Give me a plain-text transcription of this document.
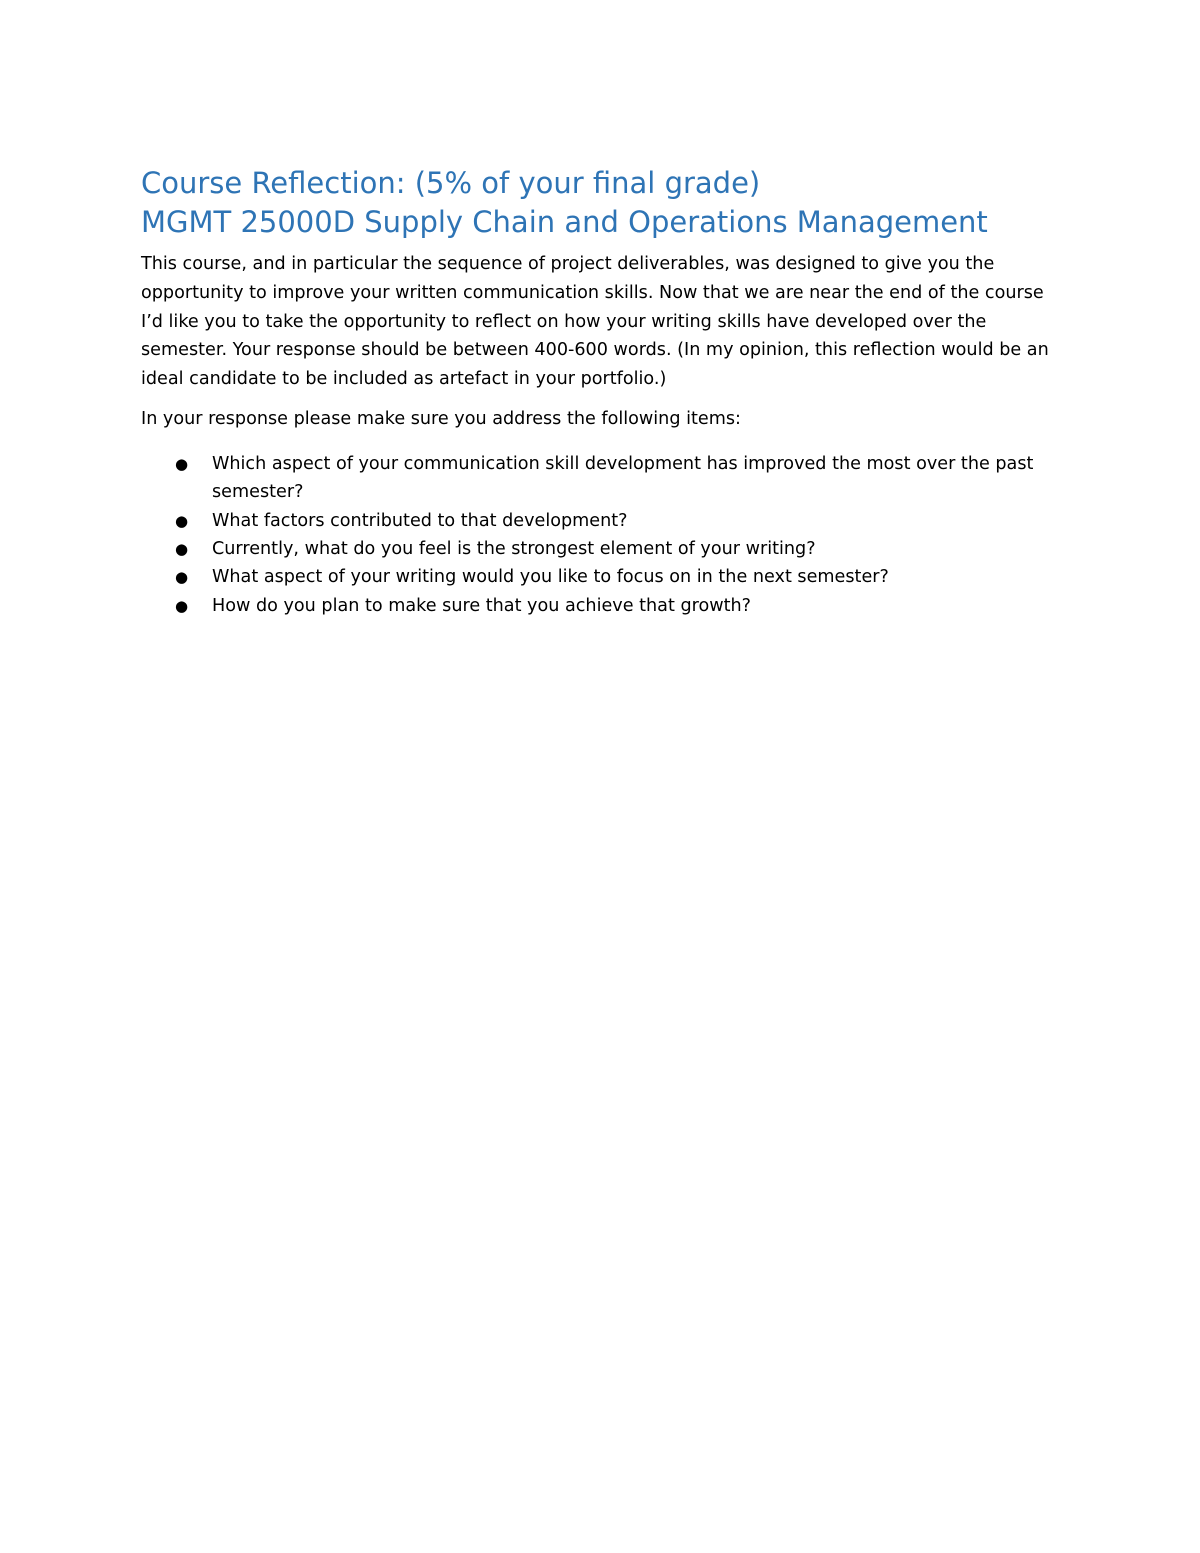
Course Reflection: (5% of your final grade)
MGMT 25000D Supply Chain and Operations Management

This course, and in particular the sequence of project deliverables, was designed to give you the opportunity to improve your written communication skills. Now that we are near the end of the course I’d like you to take the opportunity to reflect on how your writing skills have developed over the semester. Your response should be between 400-600 words. (In my opinion, this reflection would be an ideal candidate to be included as artefact in your portfolio.)

In your response please make sure you address the following items:

● Which aspect of your communication skill development has improved the most over the past semester?
● What factors contributed to that development?
● Currently, what do you feel is the strongest element of your writing?
● What aspect of your writing would you like to focus on in the next semester?
● How do you plan to make sure that you achieve that growth?
